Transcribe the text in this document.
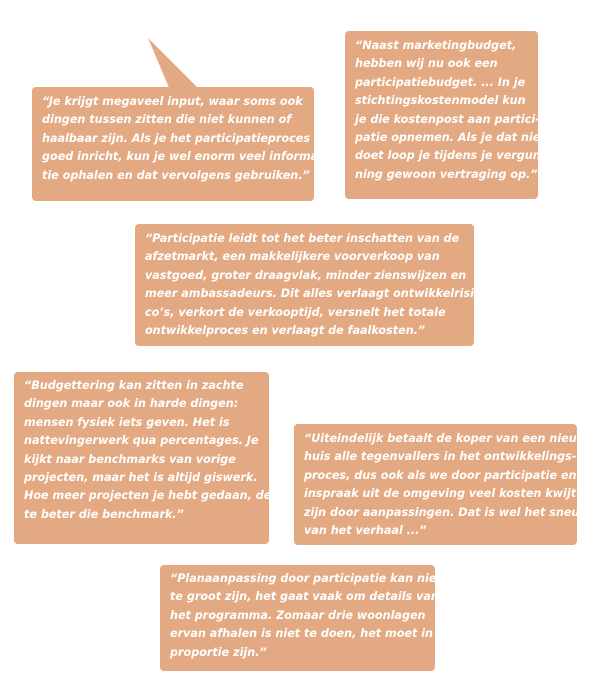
“Je krijgt megaveel input, waar soms ook
dingen tussen zitten die niet kunnen of
haalbaar zijn. Als je het participatieproces
goed inricht, kun je wel enorm veel informa-
tie ophalen en dat vervolgens gebruiken.”
“Naast marketingbudget,
hebben wij nu ook een
participatiebudget. ... In je
stichtingskostenmodel kun
je die kostenpost aan partici-
patie opnemen. Als je dat niet
doet loop je tijdens je vergun-
ning gewoon vertraging op.”
“Participatie leidt tot het beter inschatten van de
afzetmarkt, een makkelijkere voorverkoop van
vastgoed, groter draagvlak, minder zienswijzen en
meer ambassadeurs. Dit alles verlaagt ontwikkelrisi-
co’s, verkort de verkooptijd, versnelt het totale
ontwikkelproces en verlaagt de faalkosten.”
“Budgettering kan zitten in zachte
dingen maar ook in harde dingen:
mensen fysiek iets geven. Het is
nattevingerwerk qua percentages. Je
kijkt naar benchmarks van vorige
projecten, maar het is altijd giswerk.
Hoe meer projecten je hebt gedaan, des
te beter die benchmark.”
“Uiteindelijk betaalt de koper van een nieuw
huis alle tegenvallers in het ontwikkelings-
proces, dus ook als we door participatie en
inspraak uit de omgeving veel kosten kwijt
zijn door aanpassingen. Dat is wel het sneue
van het verhaal ...”
“Planaanpassing door participatie kan niet
te groot zijn, het gaat vaak om details van
het programma. Zomaar drie woonlagen
ervan afhalen is niet te doen, het moet in
proportie zijn.”
